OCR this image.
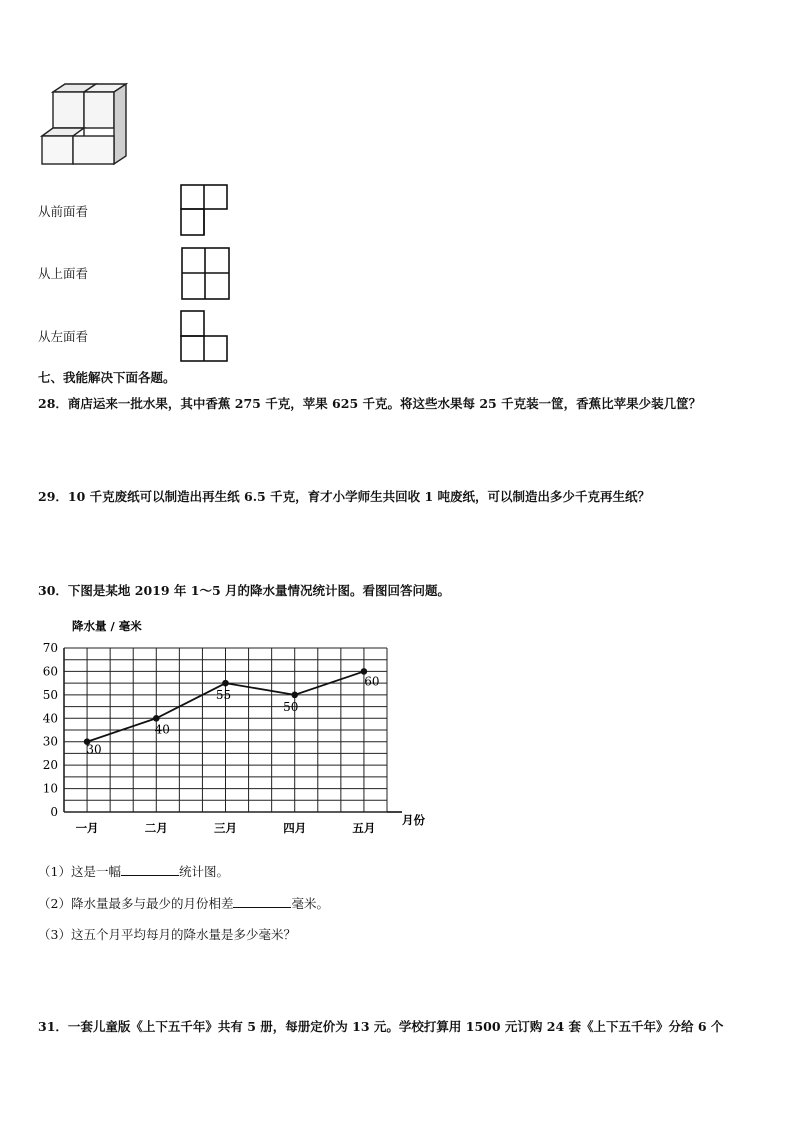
从前面看
从上面看
从左面看
七、我能解决下面各题。
28．商店运来一批水果，其中香蕉 275 千克，苹果 625 千克。将这些水果每 25 千克装一筐，香蕉比苹果少装几筐？
29．10 千克废纸可以制造出再生纸 6.5 千克，育才小学师生共回收 1 吨废纸，可以制造出多少千克再生纸？
30．下图是某地 2019 年 1～5 月的降水量情况统计图。看图回答问题。
0
10
20
30
40
50
60
70
一月	二月	三月	四月	五月
30
40
55
50
60
降水量 / 毫米
月份
（1）这是一幅	统计图。
（2）降水量最多与最少的月份相差	毫米。
（3）这五个月平均每月的降水量是多少毫米？
31．一套儿童版《上下五千年》共有 5 册，每册定价为 13 元。学校打算用 1500 元订购 24 套《上下五千年》分给 6 个
